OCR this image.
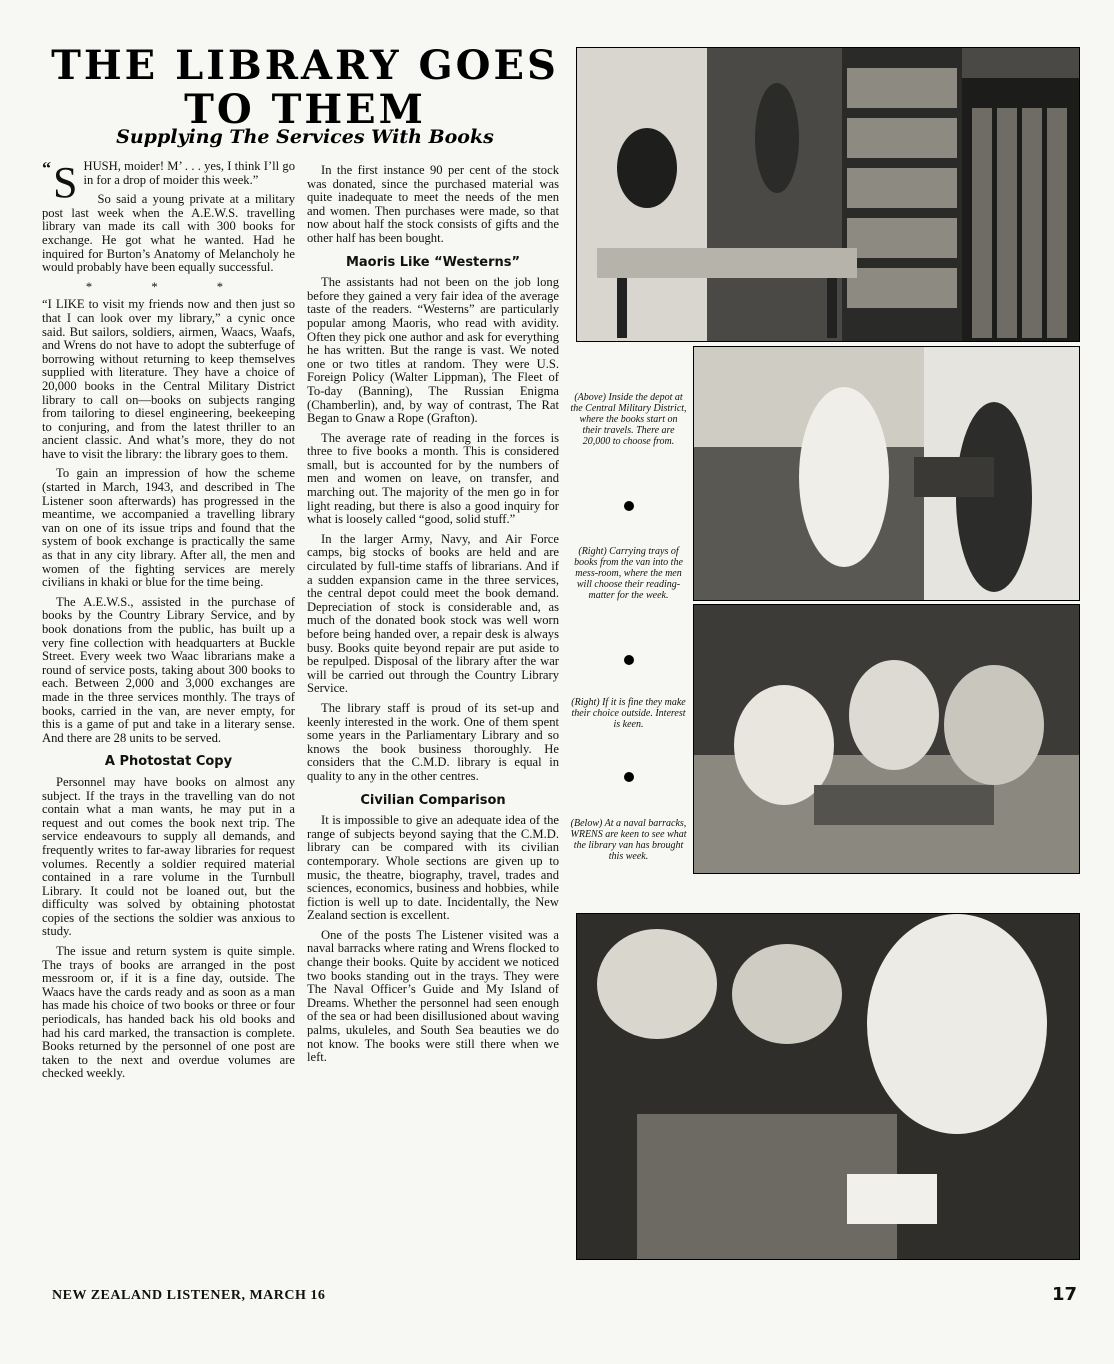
THE LIBRARY GOES TO THEM
Supplying The Services With Books

“ S HUSH, moider! M’ . . . yes, I think I’ll go in for a drop of moider this week.”

So said a young private at a military post last week when the A.E.W.S. travelling library van made its call with 300 books for exchange. He got what he wanted. Had he inquired for Burton’s Anatomy of Melancholy he would probably have been equally successful.

* * *

“I LIKE to visit my friends now and then just so that I can look over my library,” a cynic once said. But sailors, soldiers, airmen, Waacs, Waafs, and Wrens do not have to adopt the subterfuge of borrowing without returning to keep themselves supplied with literature. They have a choice of 20,000 books in the Central Military District library to call on—books on subjects ranging from tailoring to diesel engineering, beekeeping to conjuring, and from the latest thriller to an ancient classic. And what’s more, they do not have to visit the library: the library goes to them.

To gain an impression of how the scheme (started in March, 1943, and described in The Listener soon afterwards) has progressed in the meantime, we accompanied a travelling library van on one of its issue trips and found that the system of book exchange is practically the same as that in any city library. After all, the men and women of the fighting services are merely civilians in khaki or blue for the time being.

The A.E.W.S., assisted in the purchase of books by the Country Library Service, and by book donations from the public, has built up a very fine collection with headquarters at Buckle Street. Every week two Waac librarians make a round of service posts, taking about 300 books to each. Between 2,000 and 3,000 exchanges are made in the three services monthly. The trays of books, carried in the van, are never empty, for this is a game of put and take in a literary sense. And there are 28 units to be served.

A Photostat Copy

Personnel may have books on almost any subject. If the trays in the travelling van do not contain what a man wants, he may put in a request and out comes the book next trip. The service endeavours to supply all demands, and frequently writes to far-away libraries for request volumes. Recently a soldier required material contained in a rare volume in the Turnbull Library. It could not be loaned out, but the difficulty was solved by obtaining photostat copies of the sections the soldier was anxious to study.

The issue and return system is quite simple. The trays of books are arranged in the post messroom or, if it is a fine day, outside. The Waacs have the cards ready and as soon as a man has made his choice of two books or three or four periodicals, has handed back his old books and had his card marked, the transaction is complete. Books returned by the personnel of one post are taken to the next and overdue volumes are checked weekly.

In the first instance 90 per cent of the stock was donated, since the purchased material was quite inadequate to meet the needs of the men and women. Then purchases were made, so that now about half the stock consists of gifts and the other half has been bought.

Maoris Like “Westerns”

The assistants had not been on the job long before they gained a very fair idea of the average taste of the readers. “Westerns” are particularly popular among Maoris, who read with avidity. Often they pick one author and ask for everything he has written. But the range is vast. We noted one or two titles at random. They were U.S. Foreign Policy (Walter Lippman), The Fleet of To-day (Banning), The Russian Enigma (Chamberlin), and, by way of contrast, The Rat Began to Gnaw a Rope (Grafton).

The average rate of reading in the forces is three to five books a month. This is considered small, but is accounted for by the numbers of men and women on leave, on transfer, and marching out. The majority of the men go in for light reading, but there is also a good inquiry for what is loosely called “good, solid stuff.”

In the larger Army, Navy, and Air Force camps, big stocks of books are held and are circulated by full-time staffs of librarians. And if a sudden expansion came in the three services, the central depot could meet the book demand. Depreciation of stock is considerable and, as much of the donated book stock was well worn before being handed over, a repair desk is always busy. Books quite beyond repair are put aside to be repulped. Disposal of the library after the war will be carried out through the Country Library Service.

The library staff is proud of its set-up and keenly interested in the work. One of them spent some years in the Parliamentary Library and so knows the book business thoroughly. He considers that the C.M.D. library is equal in quality to any in the other centres.

Civilian Comparison

It is impossible to give an adequate idea of the range of subjects beyond saying that the C.M.D. library can be compared with its civilian contemporary. Whole sections are given up to music, the theatre, biography, travel, trades and sciences, economics, business and hobbies, while fiction is well up to date. Incidentally, the New Zealand section is excellent.

One of the posts The Listener visited was a naval barracks where rating and Wrens flocked to change their books. Quite by accident we noticed two books standing out in the trays. They were The Naval Officer’s Guide and My Island of Dreams. Whether the personnel had seen enough of the sea or had been disillusioned about waving palms, ukuleles, and South Sea beauties we do not know. The books were still there when we left.

(Above) Inside the depot at the Central Military District, where the books start on their travels. There are 20,000 to choose from.
(Right) Carrying trays of books from the van into the mess-room, where the men will choose their reading-matter for the week.
(Right) If it is fine they make their choice outside. Interest is keen.
(Below) At a naval barracks, WRENS are keen to see what the library van has brought this week.
NEW ZEALAND LISTENER, MARCH 16	17
